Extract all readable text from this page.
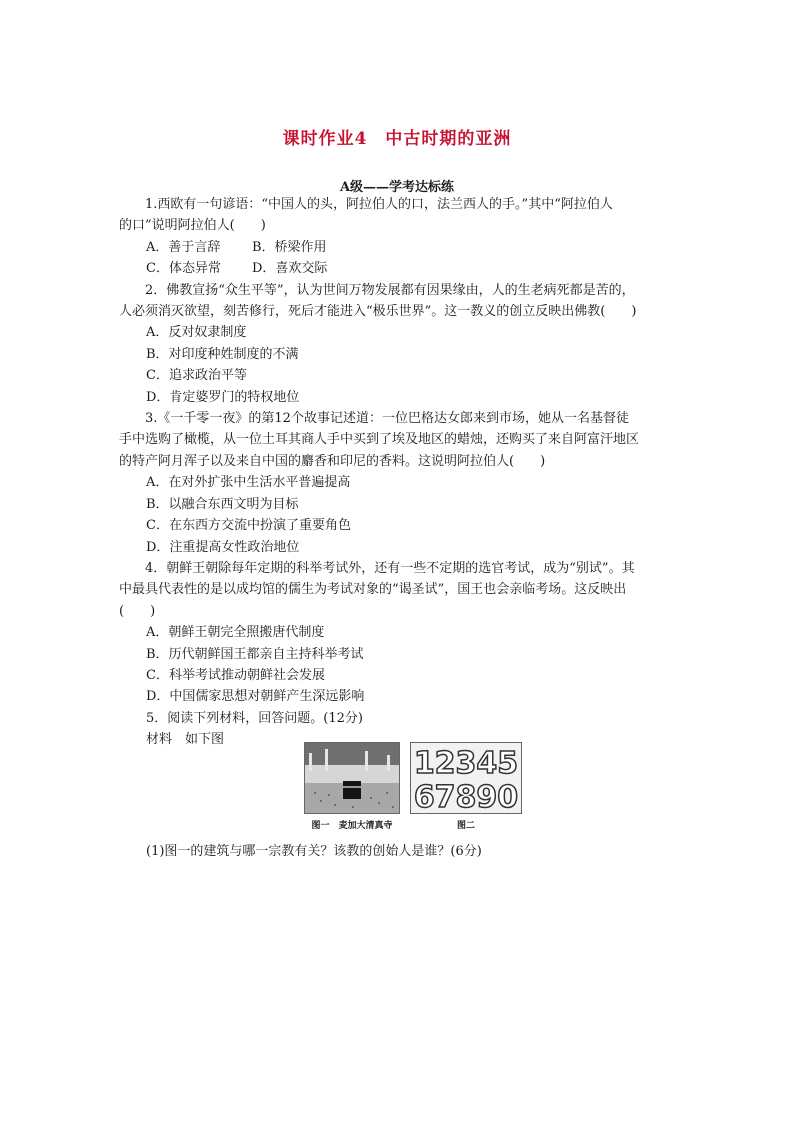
课时作业4　中古时期的亚洲
A级——学考达标练

1.西欧有一句谚语：“中国人的头，阿拉伯人的口，法兰西人的手。”其中“阿拉伯人

的口”说明阿拉伯人(　　)

A．善于言辞 B．桥梁作用

C．体态异常 D．喜欢交际

2．佛教宣扬“众生平等”，认为世间万物发展都有因果缘由，人的生老病死都是苦的，

人必须消灭欲望，刻苦修行，死后才能进入“极乐世界”。这一教义的创立反映出佛教(　　)

A．反对奴隶制度

B．对印度种姓制度的不满

C．追求政治平等

D．肯定婆罗门的特权地位

3.《一千零一夜》的第12个故事记述道：一位巴格达女郎来到市场，她从一名基督徒

手中选购了橄榄，从一位土耳其商人手中买到了埃及地区的蜡烛，还购买了来自阿富汗地区

的特产阿月浑子以及来自中国的麝香和印尼的香料。这说明阿拉伯人(　　)

A．在对外扩张中生活水平普遍提高

B．以融合东西文明为目标

C．在东西方交流中扮演了重要角色

D．注重提高女性政治地位

4．朝鲜王朝除每年定期的科举考试外，还有一些不定期的选官考试，成为“别试”。其

中最具代表性的是以成均馆的儒生为考试对象的“谒圣试”，国王也会亲临考场。这反映出

(　　)

A．朝鲜王朝完全照搬唐代制度

B．历代朝鲜国王都亲自主持科举考试

C．科举考试推动朝鲜社会发展

D．中国儒家思想对朝鲜产生深远影响

5．阅读下列材料，回答问题。(12分)

材料　如下图

12345
67890
图一　麦加大清真寺	图二
(1)图一的建筑与哪一宗教有关？该教的创始人是谁？(6分)
